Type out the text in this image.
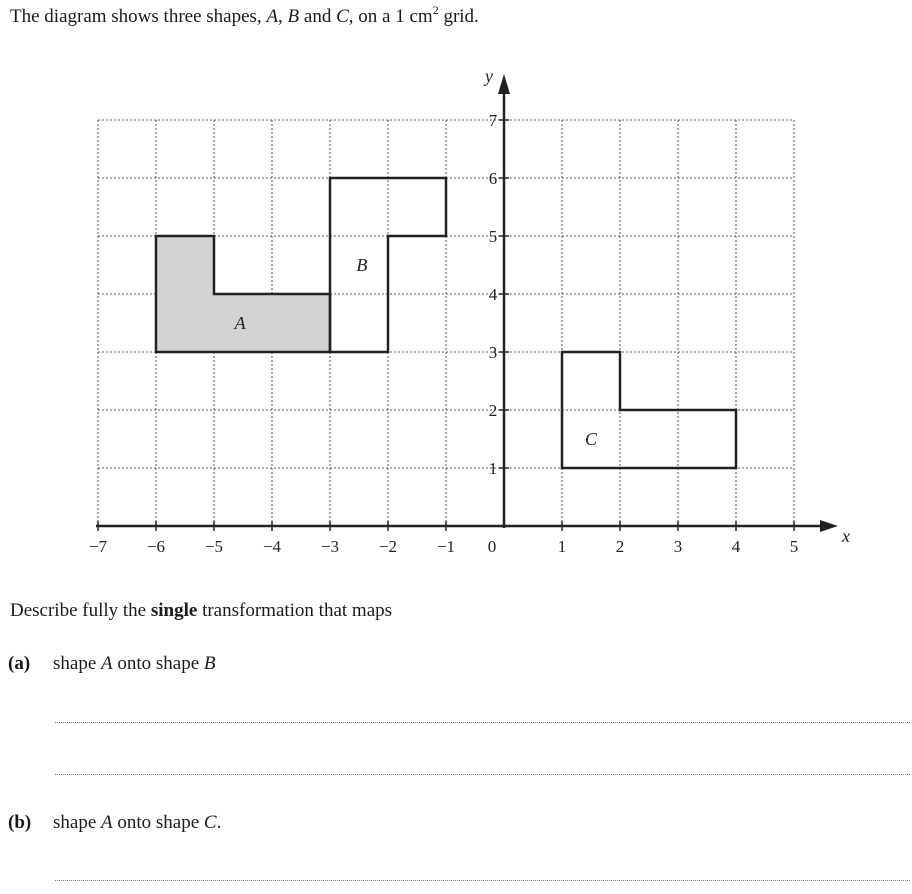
The diagram shows three shapes, A, B and C, on a 1 $cm^2$ grid.
A
B
C
−7 −6 −5 −4 −3 −2 −1 0	1	2	3	4	5
1
2
3
4
5
6
7
x
y
Describe fully the single transformation that maps
(a) shape A onto shape B
(b) shape A onto shape C.
